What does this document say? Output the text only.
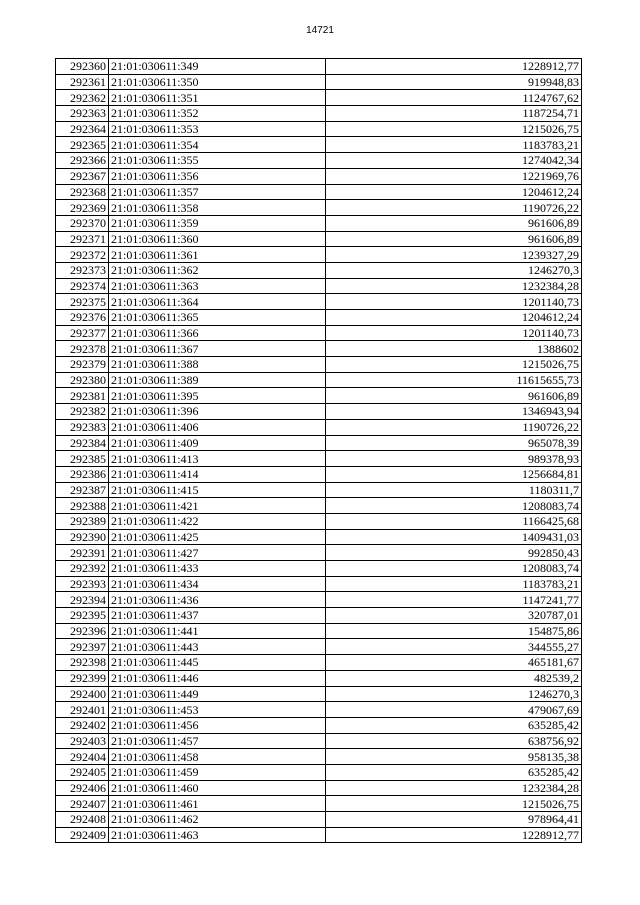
14721
292360	21:01:030611:349	1228912,77
292361	21:01:030611:350	919948,83
292362	21:01:030611:351	1124767,62
292363	21:01:030611:352	1187254,71
292364	21:01:030611:353	1215026,75
292365	21:01:030611:354	1183783,21
292366	21:01:030611:355	1274042,34
292367	21:01:030611:356	1221969,76
292368	21:01:030611:357	1204612,24
292369	21:01:030611:358	1190726,22
292370	21:01:030611:359	961606,89
292371	21:01:030611:360	961606,89
292372	21:01:030611:361	1239327,29
292373	21:01:030611:362	1246270,3
292374	21:01:030611:363	1232384,28
292375	21:01:030611:364	1201140,73
292376	21:01:030611:365	1204612,24
292377	21:01:030611:366	1201140,73
292378	21:01:030611:367	1388602
292379	21:01:030611:388	1215026,75
292380	21:01:030611:389	11615655,73
292381	21:01:030611:395	961606,89
292382	21:01:030611:396	1346943,94
292383	21:01:030611:406	1190726,22
292384	21:01:030611:409	965078,39
292385	21:01:030611:413	989378,93
292386	21:01:030611:414	1256684,81
292387	21:01:030611:415	1180311,7
292388	21:01:030611:421	1208083,74
292389	21:01:030611:422	1166425,68
292390	21:01:030611:425	1409431,03
292391	21:01:030611:427	992850,43
292392	21:01:030611:433	1208083,74
292393	21:01:030611:434	1183783,21
292394	21:01:030611:436	1147241,77
292395	21:01:030611:437	320787,01
292396	21:01:030611:441	154875,86
292397	21:01:030611:443	344555,27
292398	21:01:030611:445	465181,67
292399	21:01:030611:446	482539,2
292400	21:01:030611:449	1246270,3
292401	21:01:030611:453	479067,69
292402	21:01:030611:456	635285,42
292403	21:01:030611:457	638756,92
292404	21:01:030611:458	958135,38
292405	21:01:030611:459	635285,42
292406	21:01:030611:460	1232384,28
292407	21:01:030611:461	1215026,75
292408	21:01:030611:462	978964,41
292409	21:01:030611:463	1228912,77
